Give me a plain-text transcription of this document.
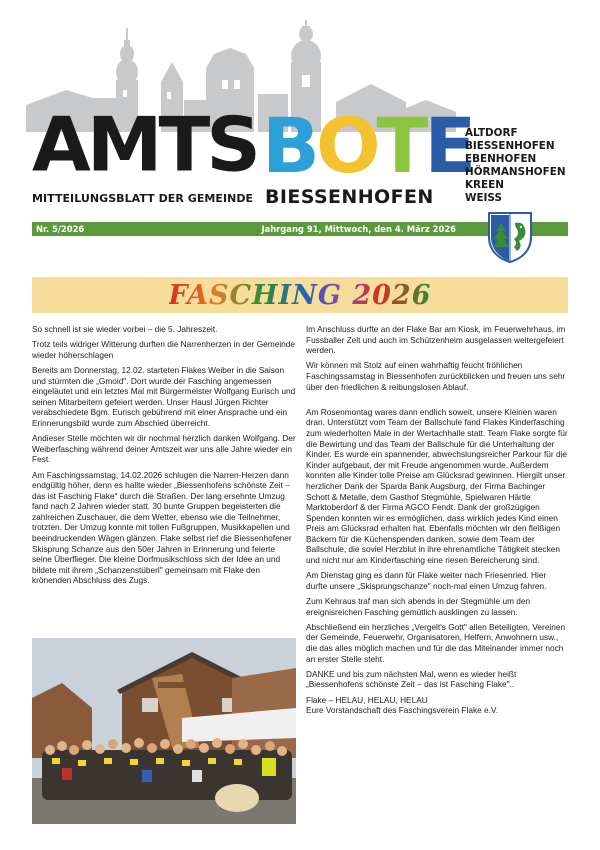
AMTS BOTE
ALTDORF
BIESSENHOFEN
EBENHOFEN
HÖRMANSHOFEN
KREEN
WEISS
MITTEILUNGSBLATT DER GEMEINDE BIESSENHOFEN
Nr. 5/2026	Jahrgang 91, Mittwoch, den 4. März 2026
FASCHING 2026

So schnell ist sie wieder vorbei – die 5. Jahreszeit.

Trotz teils widriger Witterung durften die Narrenherzen in der Gemeinde wieder höherschlagen

Bereits am Donnerstag, 12.02. starteten Flakes Weiber in die Saison und stürmten die „Gmoid". Dort wurde der Fasching angemessen eingeläutet und ein letztes Mal mit Bürgermeister Wolfgang Eurisch und seinen Mitarbeitern gefeiert werden. Unser Hausl Jürgen Richter verabschiedete Bgm. Eurisch gebührend mit einer Ansprache und ein Erinnerungsbild wurde zum Abschied überreicht.

Andieser Stelle möchten wir dir nochmal herzlich danken Wolfgang. Der Weiberfasching während deiner Amtszeit war uns alle Jahre wieder ein Fest.

Am Faschingssamstag, 14.02.2026 schlugen die Narren-Herzen dann endgültig höher, denn es hallte wieder „Biessenhofens schönste Zeit – das ist Fasching Flake" durch die Straßen. Der lang ersehnte Umzug fand nach 2 Jahren wieder statt. 30 bunte Gruppen begeisterten die zahlreichen Zuschauer, die dem Wetter, ebenso wie die Teilnehmer, trotzten. Der Umzug konnte mit tollen Fußgruppen, Musikkapellen und beeindruckenden Wägen glänzen. Flake selbst rief die Biessenhofener Skisprung Schanze aus den 50er Jahren in Erinnerung und feierte seine Überflieger. Die kleine Dorfmusikschloss sich der Idee an und bildete mit ihrem „Schanzenstüberl" gemeinsam mit Flake den krönenden Abschluss des Zugs.

Im Anschluss durfte an der Flake Bar am Kiosk, im Feuerwehrhaus, im Fussballer Zelt und auch im Schützenheim ausgelassen weitergefeiert werden.

Wir können mit Stolz auf einen wahrhaftig feucht fröhlichen Faschingssamstag in Biessenhofen zurückblicken und freuen uns sehr über den friedlichen & reibungslosen Ablauf.

Am Rosenmontag wares dann endlich soweit, unsere Kleinen waren dran. Unterstützt vom Team der Ballschule fand Flakes Kinderfasching zum wiederholten Male in der Wertachhalle statt. Team Flake sorgte für die Bewirtung und das Team der Ballschule für die Unterhaltung der Kinder. Es wurde ein spannender, abwechslungsreicher Parkour für die Kinder aufgebaut, der mit Freude angenommen wurde. Außerdem konnten alle Kinder tolle Preise am Glücksrad gewinnen. Hiergilt unser herzlicher Dank der Sparda Bank Augsburg, der Firma Bachinger Schott & Metalle, dem Gasthof Stegmühle, Spielwaren Härtle Marktoberdorf & der Firma AGCO Fendt. Dank der großzügigen Spenden konnten wir es ermöglichen, dass wirklich jedes Kind einen Preis am Glücksrad erhalten hat. Ebenfalls möchten wir den fleißigen Bäckern für die Küchenspenden danken, sowie dem Team der Ballschule, die soviel Herzblut in ihre ehrenamtliche Tätigkeit stecken und nicht nur am Kinderfasching eine riesen Bereicherung sind.

Am Dienstag ging es dann für Flake weiter nach Friesenried. Hier durfte unsere „Skisprungschanze" noch-mal einen Umzug fahren.

Zum Kehraus traf man sich abends in der Stegmühle um den ereignisreichen Fasching gemütlich ausklingen zu lassen.

Abschließend ein herzliches „Vergelt's Gott" allen Beteiligten, Vereinen der Gemeinde, Feuerwehr, Organisatoren, Helfern, Anwohnern usw., die das alles möglich machen und für die das Miteinander immer noch an erster Stelle steht.

DANKE und bis zum nächsten Mal, wenn es wieder heißt „Biessenhofens schönste Zeit – das ist Fasching Flake"..

Flake – HELAU, HELAU, HELAU

Eure Vorstandschaft des Faschingsverein Flake e.V.
